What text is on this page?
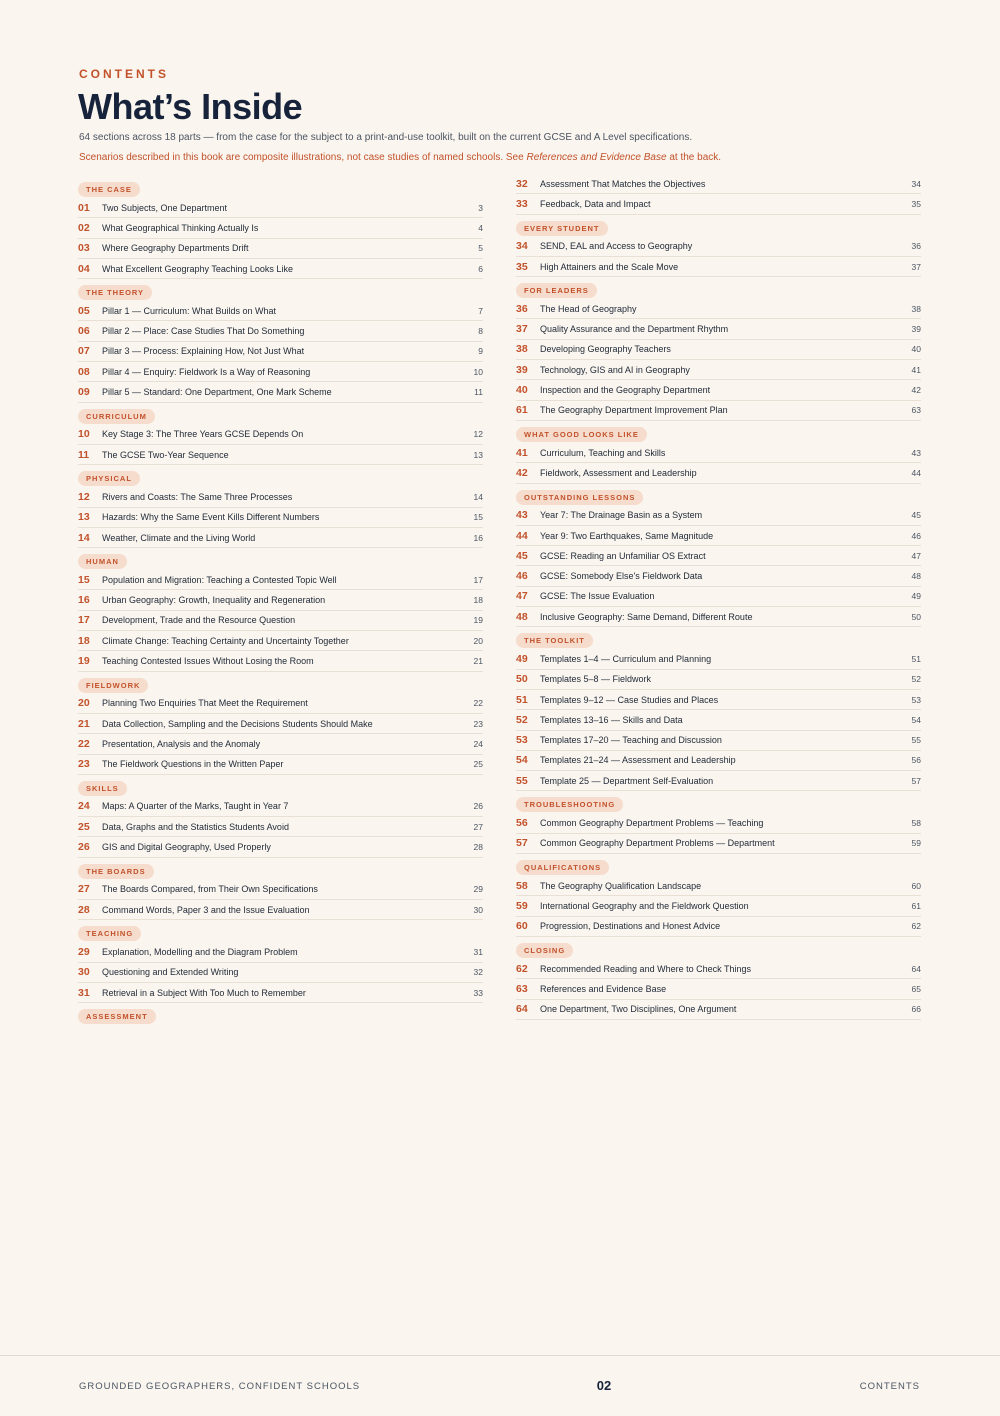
CONTENTS
What’s Inside
64 sections across 18 parts — from the case for the subject to a print-and-use toolkit, built on the current GCSE and A Level specifications.
Scenarios described in this book are composite illustrations, not case studies of named schools. See References and Evidence Base at the back.
THE CASE
01	Two Subjects, One Department	3
02	What Geographical Thinking Actually Is	4
03	Where Geography Departments Drift	5
04	What Excellent Geography Teaching Looks Like	6
THE THEORY
05	Pillar 1 — Curriculum: What Builds on What	7
06	Pillar 2 — Place: Case Studies That Do Something	8
07	Pillar 3 — Process: Explaining How, Not Just What	9
08	Pillar 4 — Enquiry: Fieldwork Is a Way of Reasoning	10
09	Pillar 5 — Standard: One Department, One Mark Scheme	11
CURRICULUM
10	Key Stage 3: The Three Years GCSE Depends On	12
11	The GCSE Two-Year Sequence	13
PHYSICAL
12	Rivers and Coasts: The Same Three Processes	14
13	Hazards: Why the Same Event Kills Different Numbers	15
14	Weather, Climate and the Living World	16
HUMAN
15	Population and Migration: Teaching a Contested Topic Well	17
16	Urban Geography: Growth, Inequality and Regeneration	18
17	Development, Trade and the Resource Question	19
18	Climate Change: Teaching Certainty and Uncertainty Together	20
19	Teaching Contested Issues Without Losing the Room	21
FIELDWORK
20	Planning Two Enquiries That Meet the Requirement	22
21	Data Collection, Sampling and the Decisions Students Should Make	23
22	Presentation, Analysis and the Anomaly	24
23	The Fieldwork Questions in the Written Paper	25
SKILLS
24	Maps: A Quarter of the Marks, Taught in Year 7	26
25	Data, Graphs and the Statistics Students Avoid	27
26	GIS and Digital Geography, Used Properly	28
THE BOARDS
27	The Boards Compared, from Their Own Specifications	29
28	Command Words, Paper 3 and the Issue Evaluation	30
TEACHING
29	Explanation, Modelling and the Diagram Problem	31
30	Questioning and Extended Writing	32
31	Retrieval in a Subject With Too Much to Remember	33
ASSESSMENT
32	Assessment That Matches the Objectives	34
33	Feedback, Data and Impact	35
EVERY STUDENT
34	SEND, EAL and Access to Geography	36
35	High Attainers and the Scale Move	37
FOR LEADERS
36	The Head of Geography	38
37	Quality Assurance and the Department Rhythm	39
38	Developing Geography Teachers	40
39	Technology, GIS and AI in Geography	41
40	Inspection and the Geography Department	42
61	The Geography Department Improvement Plan	63
WHAT GOOD LOOKS LIKE
41	Curriculum, Teaching and Skills	43
42	Fieldwork, Assessment and Leadership	44
OUTSTANDING LESSONS
43	Year 7: The Drainage Basin as a System	45
44	Year 9: Two Earthquakes, Same Magnitude	46
45	GCSE: Reading an Unfamiliar OS Extract	47
46	GCSE: Somebody Else's Fieldwork Data	48
47	GCSE: The Issue Evaluation	49
48	Inclusive Geography: Same Demand, Different Route	50
THE TOOLKIT
49	Templates 1–4 — Curriculum and Planning	51
50	Templates 5–8 — Fieldwork	52
51	Templates 9–12 — Case Studies and Places	53
52	Templates 13–16 — Skills and Data	54
53	Templates 17–20 — Teaching and Discussion	55
54	Templates 21–24 — Assessment and Leadership	56
55	Template 25 — Department Self-Evaluation	57
TROUBLESHOOTING
56	Common Geography Department Problems — Teaching	58
57	Common Geography Department Problems — Department	59
QUALIFICATIONS
58	The Geography Qualification Landscape	60
59	International Geography and the Fieldwork Question	61
60	Progression, Destinations and Honest Advice	62
CLOSING
62	Recommended Reading and Where to Check Things	64
63	References and Evidence Base	65
64	One Department, Two Disciplines, One Argument	66
GROUNDED GEOGRAPHERS, CONFIDENT SCHOOLS	02	CONTENTS
